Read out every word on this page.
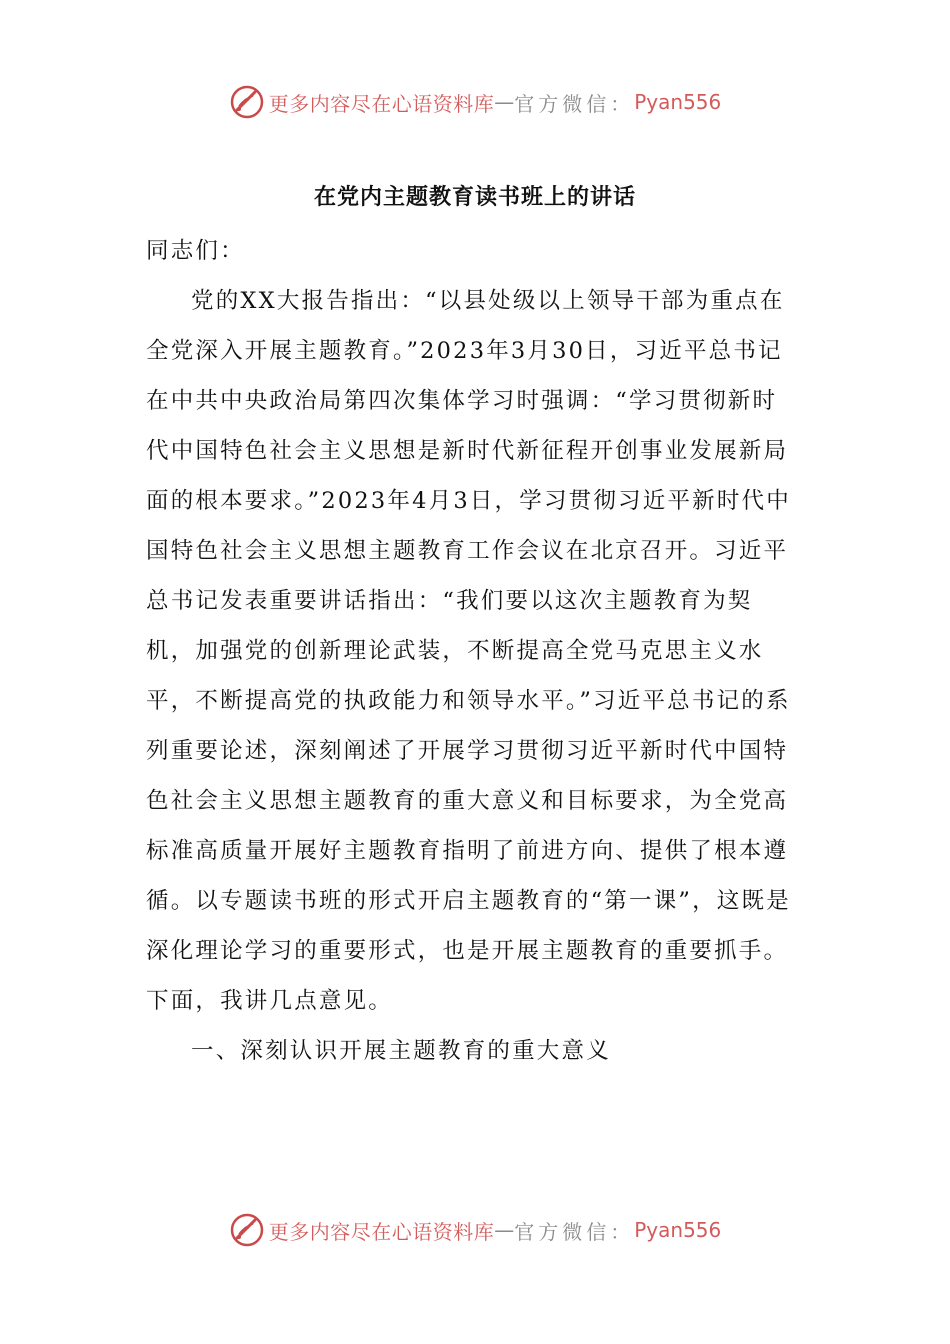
更多内容尽在心语资料库 — 官方微信： Pyan556
在党内主题教育读书班上的讲话

同志们：

党的XX大报告指出：“以县处级以上领导干部为重点在全党深入开展主题教育。”2023年3月30日，习近平总书记在中共中央政治局第四次集体学习时强调：“学习贯彻新时代中国特色社会主义思想是新时代新征程开创事业发展新局面的根本要求。”2023年4月3日，学习贯彻习近平新时代中国特色社会主义思想主题教育工作会议在北京召开。习近平总书记发表重要讲话指出：“我们要以这次主题教育为契机，加强党的创新理论武装，不断提高全党马克思主义水平，不断提高党的执政能力和领导水平。”习近平总书记的系列重要论述，深刻阐述了开展学习贯彻习近平新时代中国特色社会主义思想主题教育的重大意义和目标要求，为全党高标准高质量开展好主题教育指明了前进方向、提供了根本遵循。以专题读书班的形式开启主题教育的“第一课”，这既是深化理论学习的重要形式，也是开展主题教育的重要抓手。下面，我讲几点意见。

一、深刻认识开展主题教育的重大意义

更多内容尽在心语资料库 — 官方微信： Pyan556
